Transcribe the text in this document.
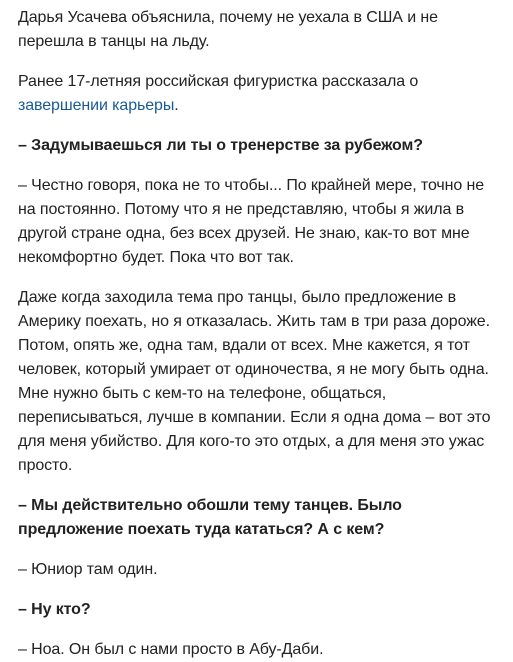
Дарья Усачева объяснила, почему не уехала в США и не перешла в танцы на льду.

Ранее 17-летняя российская фигуристка рассказала о завершении карьеры.

– Задумываешься ли ты о тренерстве за рубежом?

– Честно говоря, пока не то чтобы... По крайней мере, точно не на постоянно. Потому что я не представляю, чтобы я жила в другой стране одна, без всех друзей. Не знаю, как-то вот мне некомфортно будет. Пока что вот так.

Даже когда заходила тема про танцы, было предложение в Америку поехать, но я отказалась. Жить там в три раза дороже. Потом, опять же, одна там, вдали от всех. Мне кажется, я тот человек, который умирает от одиночества, я не могу быть одна. Мне нужно быть с кем-то на телефоне, общаться, переписываться, лучше в компании. Если я одна дома – вот это для меня убийство. Для кого-то это отдых, а для меня это ужас просто.

– Мы действительно обошли тему танцев. Было предложение поехать туда кататься? А с кем?

– Юниор там один.

– Ну кто?

– Ноа. Он был с нами просто в Абу-Даби.
